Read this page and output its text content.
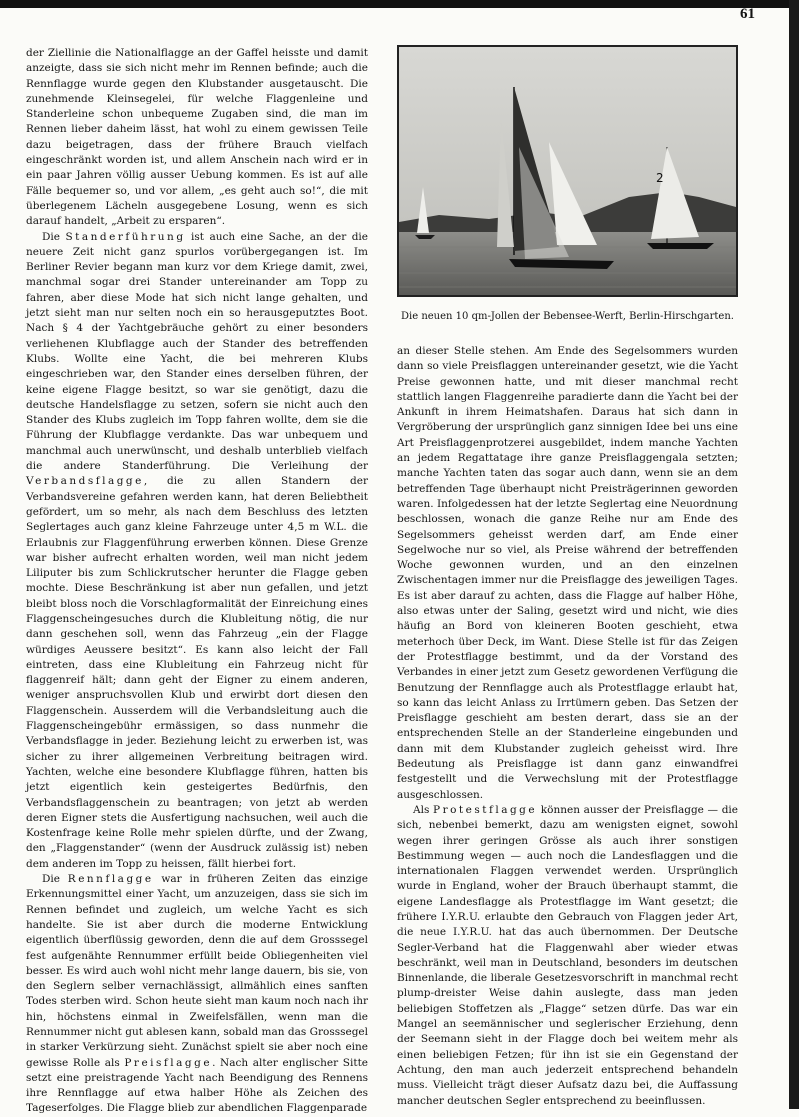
61

der Ziellinie die Nationalflagge an der Gaffel heisste und damit anzeigte, dass sie sich nicht mehr im Rennen befinde; auch die Rennflagge wurde gegen den Klubstander ausgetauscht. Die zunehmende Kleinsegelei, für welche Flaggenleine und Standerleine schon unbequeme Zugaben sind, die man im Rennen lieber daheim lässt, hat wohl zu einem gewissen Teile dazu beigetragen, dass der frühere Brauch vielfach eingeschränkt worden ist, und allem Anschein nach wird er in ein paar Jahren völlig ausser Uebung kommen. Es ist auf alle Fälle bequemer so, und vor allem, „es geht auch so!“, die mit überlegenem Lächeln ausgegebene Losung, wenn es sich darauf handelt, „Arbeit zu ersparen“.

Die Standerführung ist auch eine Sache, an der die neuere Zeit nicht ganz spurlos vorübergegangen ist. Im Berliner Revier begann man kurz vor dem Kriege damit, zwei, manchmal sogar drei Stander untereinander am Topp zu fahren, aber diese Mode hat sich nicht lange gehalten, und jetzt sieht man nur selten noch ein so herausgeputztes Boot. Nach § 4 der Yachtgebräuche gehört zu einer besonders verliehenen Klubflagge auch der Stander des betreffenden Klubs. Wollte eine Yacht, die bei mehreren Klubs eingeschrieben war, den Stander eines derselben führen, der keine eigene Flagge besitzt, so war sie genötigt, dazu die deutsche Handelsflagge zu setzen, sofern sie nicht auch den Stander des Klubs zugleich im Topp fahren wollte, dem sie die Führung der Klubflagge verdankte. Das war unbequem und manchmal auch unerwünscht, und deshalb unterblieb vielfach die andere Standerführung. Die Verleihung der Verbandsflagge, die zu allen Standern der Verbandsvereine gefahren werden kann, hat deren Beliebtheit gefördert, um so mehr, als nach dem Beschluss des letzten Seglertages auch ganz kleine Fahrzeuge unter 4,5 m W.L. die Erlaubnis zur Flaggenführung erwerben können. Diese Grenze war bisher aufrecht erhalten worden, weil man nicht jedem Liliputer bis zum Schlickrutscher herunter die Flagge geben mochte. Diese Beschränkung ist aber nun gefallen, und jetzt bleibt bloss noch die Vorschlagformalität der Einreichung eines Flaggenscheingesuches durch die Klubleitung nötig, die nur dann geschehen soll, wenn das Fahrzeug „ein der Flagge würdiges Aeussere besitzt“. Es kann also leicht der Fall eintreten, dass eine Klubleitung ein Fahrzeug nicht für flaggenreif hält; dann geht der Eigner zu einem anderen, weniger anspruchsvollen Klub und erwirbt dort diesen den Flaggenschein. Ausserdem will die Verbandsleitung auch die Flaggenscheingebühr ermässigen, so dass nunmehr die Verbandsflagge in jeder. Beziehung leicht zu erwerben ist, was sicher zu ihrer allgemeinen Verbreitung beitragen wird. Yachten, welche eine besondere Klubflagge führen, hatten bis jetzt eigentlich kein gesteigertes Bedürfnis, den Verbandsflaggenschein zu beantragen; von jetzt ab werden deren Eigner stets die Ausfertigung nachsuchen, weil auch die Kostenfrage keine Rolle mehr spielen dürfte, und der Zwang, den „Flaggenstander“ (wenn der Ausdruck zulässig ist) neben dem anderen im Topp zu heissen, fällt hierbei fort.

Die Rennflagge war in früheren Zeiten das einzige Erkennungsmittel einer Yacht, um anzuzeigen, dass sie sich im Rennen befindet und zugleich, um welche Yacht es sich handelte. Sie ist aber durch die moderne Entwicklung eigentlich überflüssig geworden, denn die auf dem Grosssegel fest aufgenähte Rennummer erfüllt beide Obliegenheiten viel besser. Es wird auch wohl nicht mehr lange dauern, bis sie, von den Seglern selber vernachlässigt, allmählich eines sanften Todes sterben wird. Schon heute sieht man kaum noch nach ihr hin, höchstens einmal in Zweifelsfällen, wenn man die Rennummer nicht gut ablesen kann, sobald man das Grosssegel in starker Verkürzung sieht. Zunächst spielt sie aber noch eine gewisse Rolle als Preisflagge. Nach alter englischer Sitte setzt eine preistragende Yacht nach Beendigung des Rennens ihre Rennflagge auf etwa halber Höhe als Zeichen des Tageserfolges. Die Flagge blieb zur abendlichen Flaggenparade

2
Die neuen 10 qm-Jollen der Bebensee-Werft, Berlin-Hirschgarten.

an dieser Stelle stehen. Am Ende des Segelsommers wurden dann so viele Preisflaggen untereinander gesetzt, wie die Yacht Preise gewonnen hatte, und mit dieser manchmal recht stattlich langen Flaggenreihe paradierte dann die Yacht bei der Ankunft in ihrem Heimatshafen. Daraus hat sich dann in Vergröberung der ursprünglich ganz sinnigen Idee bei uns eine Art Preisflaggenprotzerei ausgebildet, indem manche Yachten an jedem Regattatage ihre ganze Preisflaggengala setzten; manche Yachten taten das sogar auch dann, wenn sie an dem betreffenden Tage überhaupt nicht Preisträgerinnen geworden waren. Infolgedessen hat der letzte Seglertag eine Neuordnung beschlossen, wonach die ganze Reihe nur am Ende des Segelsommers geheisst werden darf, am Ende einer Segelwoche nur so viel, als Preise während der betreffenden Woche gewonnen wurden, und an den einzelnen Zwischentagen immer nur die Preisflagge des jeweiligen Tages. Es ist aber darauf zu achten, dass die Flagge auf halber Höhe, also etwas unter der Saling, gesetzt wird und nicht, wie dies häufig an Bord von kleineren Booten geschieht, etwa meterhoch über Deck, im Want. Diese Stelle ist für das Zeigen der Protestflagge bestimmt, und da der Vorstand des Verbandes in einer jetzt zum Gesetz gewordenen Verfügung die Benutzung der Rennflagge auch als Protestflagge erlaubt hat, so kann das leicht Anlass zu Irrtümern geben. Das Setzen der Preisflagge geschieht am besten derart, dass sie an der entsprechenden Stelle an der Standerleine eingebunden und dann mit dem Klubstander zugleich geheisst wird. Ihre Bedeutung als Preisflagge ist dann ganz einwandfrei festgestellt und die Verwechslung mit der Protestflagge ausgeschlossen.

Als Protestflagge können ausser der Preisflagge — die sich, nebenbei bemerkt, dazu am wenigsten eignet, sowohl wegen ihrer geringen Grösse als auch ihrer sonstigen Bestimmung wegen — auch noch die Landesflaggen und die internationalen Flaggen verwendet werden. Ursprünglich wurde in England, woher der Brauch überhaupt stammt, die eigene Landesflagge als Protestflagge im Want gesetzt; die frühere I.Y.R.U. erlaubte den Gebrauch von Flaggen jeder Art, die neue I.Y.R.U. hat das auch übernommen. Der Deutsche Segler-Verband hat die Flaggenwahl aber wieder etwas beschränkt, weil man in Deutschland, besonders im deutschen Binnenlande, die liberale Gesetzesvorschrift in manchmal recht plump-dreister Weise dahin auslegte, dass man jeden beliebigen Stoffetzen als „Flagge“ setzen dürfe. Das war ein Mangel an seemännischer und seglerischer Erziehung, denn der Seemann sieht in der Flagge doch bei weitem mehr als einen beliebigen Fetzen; für ihn ist sie ein Gegenstand der Achtung, den man auch jederzeit entsprechend behandeln muss. Vielleicht trägt dieser Aufsatz dazu bei, die Auffassung mancher deutschen Segler entsprechend zu beeinflussen.
